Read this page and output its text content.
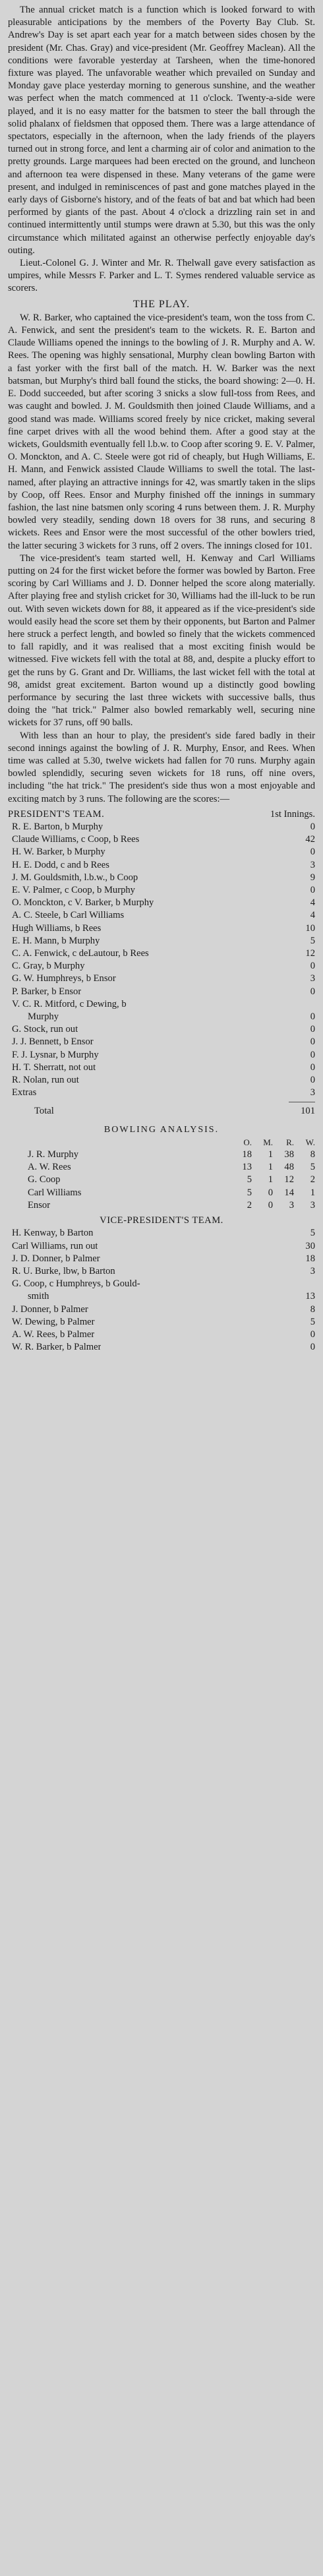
The annual cricket match is a function which is looked forward to with pleasurable anticipations by the members of the Poverty Bay Club. St. Andrew's Day is set apart each year for a match between sides chosen by the president (Mr. Chas. Gray) and vice-president (Mr. Geoffrey Maclean). All the conditions were favorable yesterday at Tarsheen, when the time-honored fixture was played. The unfavorable weather which prevailed on Sunday and Monday gave place yesterday morning to generous sunshine, and the weather was perfect when the match commenced at 11 o'clock. Twenty-a-side were played, and it is no easy matter for the batsmen to steer the ball through the solid phalanx of fieldsmen that opposed them. There was a large attendance of spectators, especially in the afternoon, when the lady friends of the players turned out in strong force, and lent a charming air of color and animation to the pretty grounds. Large marquees had been erected on the ground, and luncheon and afternoon tea were dispensed in these. Many veterans of the game were present, and indulged in reminiscences of past and gone matches played in the early days of Gisborne's history, and of the feats of bat and bat which had been performed by giants of the past. About 4 o'clock a drizzling rain set in and continued intermittently until stumps were drawn at 5.30, but this was the only circumstance which militated against an otherwise perfectly enjoyable day's outing.

Lieut.-Colonel G. J. Winter and Mr. R. Thelwall gave every satisfaction as umpires, while Messrs F. Parker and L. T. Symes rendered valuable service as scorers.

THE PLAY.

W. R. Barker, who captained the vice-president's team, won the toss from C. A. Fenwick, and sent the president's team to the wickets. R. E. Barton and Claude Williams opened the innings to the bowling of J. R. Murphy and A. W. Rees. The opening was highly sensational, Murphy clean bowling Barton with a fast yorker with the first ball of the match. H. W. Barker was the next batsman, but Murphy's third ball found the sticks, the board showing: 2—0. H. E. Dodd succeeded, but after scoring 3 snicks a slow full-toss from Rees, and was caught and bowled. J. M. Gouldsmith then joined Claude Williams, and a good stand was made. Williams scored freely by nice cricket, making several fine carpet drives with all the wood behind them. After a good stay at the wickets, Gouldsmith eventually fell l.b.w. to Coop after scoring 9. E. V. Palmer, O. Monckton, and A. C. Steele were got rid of cheaply, but Hugh Williams, E. H. Mann, and Fenwick assisted Claude Williams to swell the total. The last-named, after playing an attractive innings for 42, was smartly taken in the slips by Coop, off Rees. Ensor and Murphy finished off the innings in summary fashion, the last nine batsmen only scoring 4 runs between them. J. R. Murphy bowled very steadily, sending down 18 overs for 38 runs, and securing 8 wickets. Rees and Ensor were the most successful of the other bowlers tried, the latter securing 3 wickets for 3 runs, off 2 overs. The innings closed for 101.

The vice-president's team started well, H. Kenway and Carl Williams putting on 24 for the first wicket before the former was bowled by Barton. Free scoring by Carl Williams and J. D. Donner helped the score along materially. After playing free and stylish cricket for 30, Williams had the ill-luck to be run out. With seven wickets down for 88, it appeared as if the vice-president's side would easily head the score set them by their opponents, but Barton and Palmer here struck a perfect length, and bowled so finely that the wickets commenced to fall rapidly, and it was realised that a most exciting finish would be witnessed. Five wickets fell with the total at 88, and, despite a plucky effort to get the runs by G. Grant and Dr. Williams, the last wicket fell with the total at 98, amidst great excitement. Barton wound up a distinctly good bowling performance by securing the last three wickets with successive balls, thus doing the "hat trick." Palmer also bowled remarkably well, securing nine wickets for 37 runs, off 90 balls.

With less than an hour to play, the president's side fared badly in their second innings against the bowling of J. R. Murphy, Ensor, and Rees. When time was called at 5.30, twelve wickets had fallen for 70 runs. Murphy again bowled splendidly, securing seven wickets for 18 runs, off nine overs, including "the hat trick." The president's side thus won a most enjoyable and exciting match by 3 runs. The following are the scores:—

PRESIDENT'S TEAM.	1st Innings.
R. E. Barton, b Murphy	0
Claude Williams, c Coop, b Rees	42
H. W. Barker, b Murphy	0
H. E. Dodd, c and b Rees	3
J. M. Gouldsmith, l.b.w., b Coop	9
E. V. Palmer, c Coop, b Murphy	0
O. Monckton, c V. Barker, b Murphy	4
A. C. Steele, b Carl Williams	4
Hugh Williams, b Rees	10
E. H. Mann, b Murphy	5
C. A. Fenwick, c deLautour, b Rees	12
C. Gray, b Murphy	0
G. W. Humphreys, b Ensor	3
P. Barker, b Ensor	0
V. C. R. Mitford, c Dewing, b
Murphy	0
G. Stock, run out	0
J. J. Bennett, b Ensor	0
F. J. Lysnar, b Murphy	0
H. T. Sherratt, not out	0
R. Nolan, run out	0
Extras	3
Total	101
BOWLING ANALYSIS.
O.	M.	R.	W.
J. R. Murphy	18	1	38	8
A. W. Rees	13	1	48	5
G. Coop	5	1	12	2
Carl Williams	5	0	14	1
Ensor	2	0	3	3
VICE-PRESIDENT'S TEAM.
H. Kenway, b Barton	5
Carl Williams, run out	30
J. D. Donner, b Palmer	18
R. U. Burke, lbw, b Barton	3
G. Coop, c Humphreys, b Gould-
smith	13
J. Donner, b Palmer	8
W. Dewing, b Palmer	5
A. W. Rees, b Palmer	0
W. R. Barker, b Palmer	0
